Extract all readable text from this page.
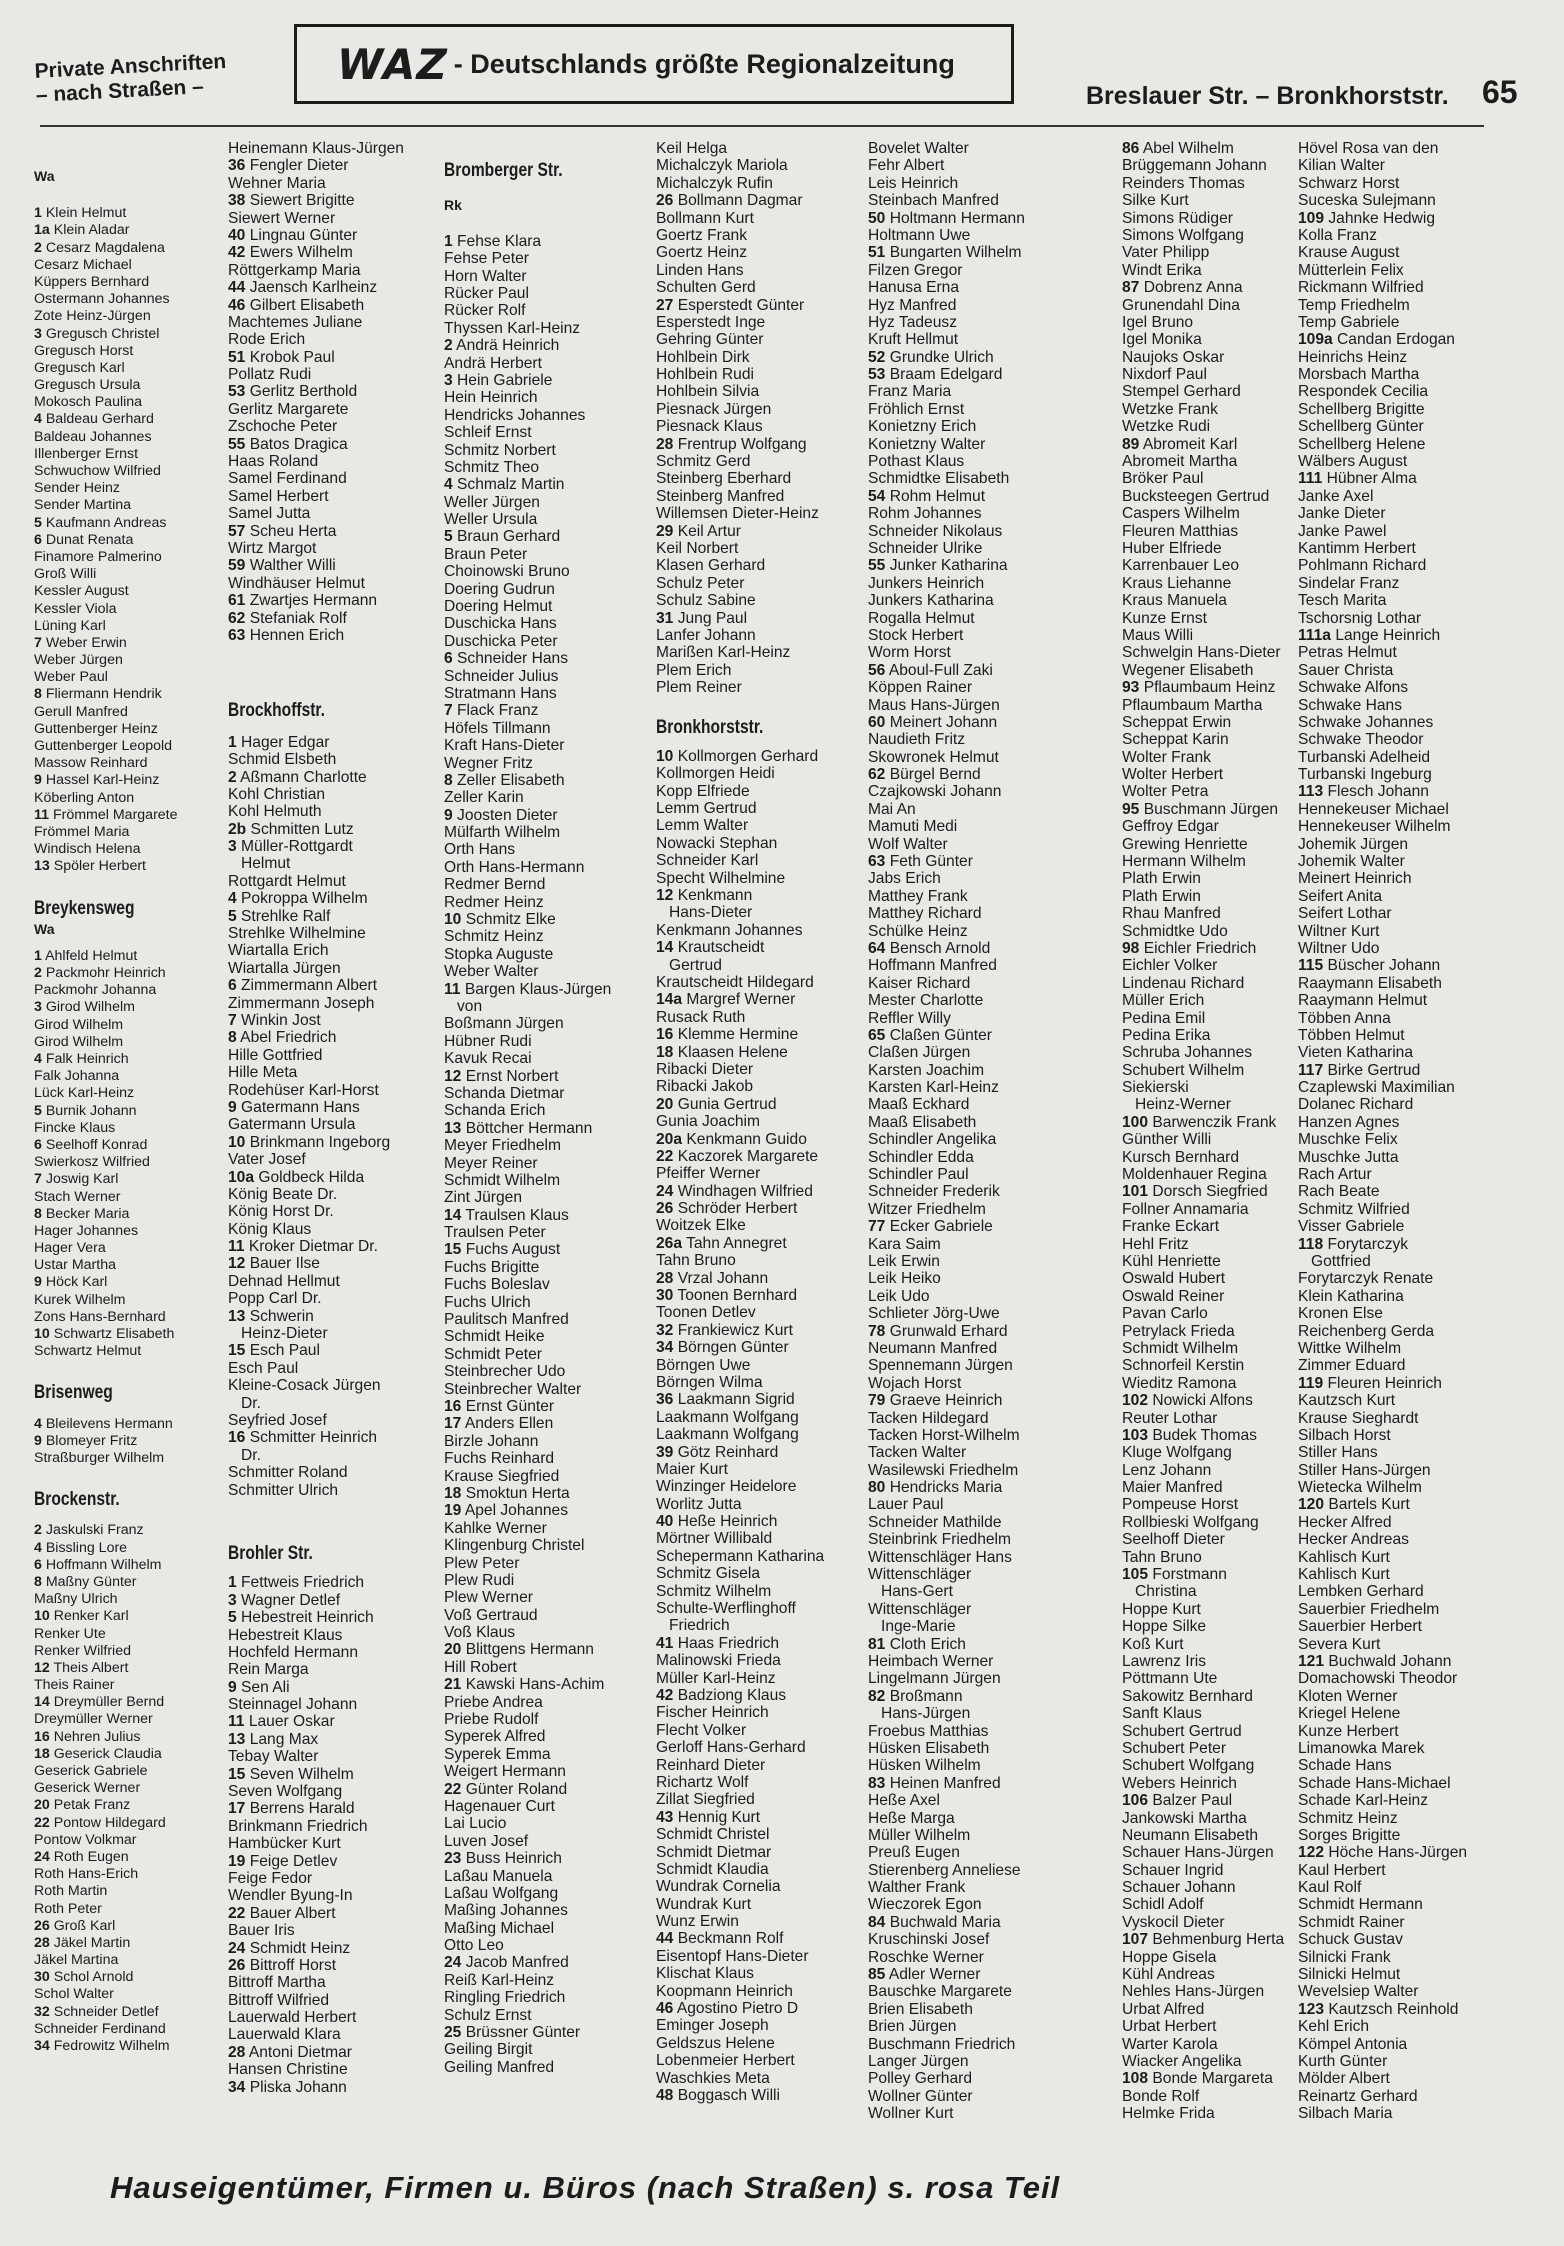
Private Anschriften
– nach Straßen –
WAZ - Deutschlands größte Regionalzeitung
Breslauer Str. – Bronkhorststr. 65
Wa
1 Klein Helmut
1a Klein Aladar
2 Cesarz Magdalena
Cesarz Michael
Küppers Bernhard
Ostermann Johannes
Zote Heinz-Jürgen
3 Gregusch Christel
Gregusch Horst
Gregusch Karl
Gregusch Ursula
Mokosch Paulina
4 Baldeau Gerhard
Baldeau Johannes
Illenberger Ernst
Schwuchow Wilfried
Sender Heinz
Sender Martina
5 Kaufmann Andreas
6 Dunat Renata
Finamore Palmerino
Groß Willi
Kessler August
Kessler Viola
Lüning Karl
7 Weber Erwin
Weber Jürgen
Weber Paul
8 Fliermann Hendrik
Gerull Manfred
Guttenberger Heinz
Guttenberger Leopold
Massow Reinhard
9 Hassel Karl-Heinz
Köberling Anton
11 Frömmel Margarete
Frömmel Maria
Windisch Helena
13 Spöler Herbert
Breykensweg
Wa
1 Ahlfeld Helmut
2 Packmohr Heinrich
Packmohr Johanna
3 Girod Wilhelm
Girod Wilhelm
Girod Wilhelm
4 Falk Heinrich
Falk Johanna
Lück Karl-Heinz
5 Burnik Johann
Fincke Klaus
6 Seelhoff Konrad
Swierkosz Wilfried
7 Joswig Karl
Stach Werner
8 Becker Maria
Hager Johannes
Hager Vera
Ustar Martha
9 Höck Karl
Kurek Wilhelm
Zons Hans-Bernhard
10 Schwartz Elisabeth
Schwartz Helmut
Brisenweg
4 Bleilevens Hermann
9 Blomeyer Fritz
Straßburger Wilhelm
Brockenstr.
2 Jaskulski Franz
4 Bissling Lore
6 Hoffmann Wilhelm
8 Maßny Günter
Maßny Ulrich
10 Renker Karl
Renker Ute
Renker Wilfried
12 Theis Albert
Theis Rainer
14 Dreymüller Bernd
Dreymüller Werner
16 Nehren Julius
18 Geserick Claudia
Geserick Gabriele
Geserick Werner
20 Petak Franz
22 Pontow Hildegard
Pontow Volkmar
24 Roth Eugen
Roth Hans-Erich
Roth Martin
Roth Peter
26 Groß Karl
28 Jäkel Martin
Jäkel Martina
30 Schol Arnold
Schol Walter
32 Schneider Detlef
Schneider Ferdinand
34 Fedrowitz Wilhelm
Heinemann Klaus-Jürgen
36 Fengler Dieter
Wehner Maria
38 Siewert Brigitte
Siewert Werner
40 Lingnau Günter
42 Ewers Wilhelm
Röttgerkamp Maria
44 Jaensch Karlheinz
46 Gilbert Elisabeth
Machtemes Juliane
Rode Erich
51 Krobok Paul
Pollatz Rudi
53 Gerlitz Berthold
Gerlitz Margarete
Zschoche Peter
55 Batos Dragica
Haas Roland
Samel Ferdinand
Samel Herbert
Samel Jutta
57 Scheu Herta
Wirtz Margot
59 Walther Willi
Windhäuser Helmut
61 Zwartjes Hermann
62 Stefaniak Rolf
63 Hennen Erich
Brockhoffstr.
1 Hager Edgar
Schmid Elsbeth
2 Aßmann Charlotte
Kohl Christian
Kohl Helmuth
2b Schmitten Lutz
3 Müller-Rottgardt
Helmut
Rottgardt Helmut
4 Pokroppa Wilhelm
5 Strehlke Ralf
Strehlke Wilhelmine
Wiartalla Erich
Wiartalla Jürgen
6 Zimmermann Albert
Zimmermann Joseph
7 Winkin Jost
8 Abel Friedrich
Hille Gottfried
Hille Meta
Rodehüser Karl-Horst
9 Gatermann Hans
Gatermann Ursula
10 Brinkmann Ingeborg
Vater Josef
10a Goldbeck Hilda
König Beate Dr.
König Horst Dr.
König Klaus
11 Kroker Dietmar Dr.
12 Bauer Ilse
Dehnad Hellmut
Popp Carl Dr.
13 Schwerin
Heinz-Dieter
15 Esch Paul
Esch Paul
Kleine-Cosack Jürgen
Dr.
Seyfried Josef
16 Schmitter Heinrich
Dr.
Schmitter Roland
Schmitter Ulrich
Brohler Str.
1 Fettweis Friedrich
3 Wagner Detlef
5 Hebestreit Heinrich
Hebestreit Klaus
Hochfeld Hermann
Rein Marga
9 Sen Ali
Steinnagel Johann
11 Lauer Oskar
13 Lang Max
Tebay Walter
15 Seven Wilhelm
Seven Wolfgang
17 Berrens Harald
Brinkmann Friedrich
Hambücker Kurt
19 Feige Detlev
Feige Fedor
Wendler Byung-In
22 Bauer Albert
Bauer Iris
24 Schmidt Heinz
26 Bittroff Horst
Bittroff Martha
Bittroff Wilfried
Lauerwald Herbert
Lauerwald Klara
28 Antoni Dietmar
Hansen Christine
34 Pliska Johann
Bromberger Str.
Rk
1 Fehse Klara
Fehse Peter
Horn Walter
Rücker Paul
Rücker Rolf
Thyssen Karl-Heinz
2 Andrä Heinrich
Andrä Herbert
3 Hein Gabriele
Hein Heinrich
Hendricks Johannes
Schleif Ernst
Schmitz Norbert
Schmitz Theo
4 Schmalz Martin
Weller Jürgen
Weller Ursula
5 Braun Gerhard
Braun Peter
Choinowski Bruno
Doering Gudrun
Doering Helmut
Duschicka Hans
Duschicka Peter
6 Schneider Hans
Schneider Julius
Stratmann Hans
7 Flack Franz
Höfels Tillmann
Kraft Hans-Dieter
Wegner Fritz
8 Zeller Elisabeth
Zeller Karin
9 Joosten Dieter
Mülfarth Wilhelm
Orth Hans
Orth Hans-Hermann
Redmer Bernd
Redmer Heinz
10 Schmitz Elke
Schmitz Heinz
Stopka Auguste
Weber Walter
11 Bargen Klaus-Jürgen
von
Boßmann Jürgen
Hübner Rudi
Kavuk Recai
12 Ernst Norbert
Schanda Dietmar
Schanda Erich
13 Böttcher Hermann
Meyer Friedhelm
Meyer Reiner
Schmidt Wilhelm
Zint Jürgen
14 Traulsen Klaus
Traulsen Peter
15 Fuchs August
Fuchs Brigitte
Fuchs Boleslav
Fuchs Ulrich
Paulitsch Manfred
Schmidt Heike
Schmidt Peter
Steinbrecher Udo
Steinbrecher Walter
16 Ernst Günter
17 Anders Ellen
Birzle Johann
Fuchs Reinhard
Krause Siegfried
18 Smoktun Herta
19 Apel Johannes
Kahlke Werner
Klingenburg Christel
Plew Peter
Plew Rudi
Plew Werner
Voß Gertraud
Voß Klaus
20 Blittgens Hermann
Hill Robert
21 Kawski Hans-Achim
Priebe Andrea
Priebe Rudolf
Syperek Alfred
Syperek Emma
Weigert Hermann
22 Günter Roland
Hagenauer Curt
Lai Lucio
Luven Josef
23 Buss Heinrich
Laßau Manuela
Laßau Wolfgang
Maßing Johannes
Maßing Michael
Otto Leo
24 Jacob Manfred
Reiß Karl-Heinz
Ringling Friedrich
Schulz Ernst
25 Brüssner Günter
Geiling Birgit
Geiling Manfred
Keil Helga
Michalczyk Mariola
Michalczyk Rufin
26 Bollmann Dagmar
Bollmann Kurt
Goertz Frank
Goertz Heinz
Linden Hans
Schulten Gerd
27 Esperstedt Günter
Esperstedt Inge
Gehring Günter
Hohlbein Dirk
Hohlbein Rudi
Hohlbein Silvia
Piesnack Jürgen
Piesnack Klaus
28 Frentrup Wolfgang
Schmitz Gerd
Steinberg Eberhard
Steinberg Manfred
Willemsen Dieter-Heinz
29 Keil Artur
Keil Norbert
Klasen Gerhard
Schulz Peter
Schulz Sabine
31 Jung Paul
Lanfer Johann
Marißen Karl-Heinz
Plem Erich
Plem Reiner
Bronkhorststr.
10 Kollmorgen Gerhard
Kollmorgen Heidi
Kopp Elfriede
Lemm Gertrud
Lemm Walter
Nowacki Stephan
Schneider Karl
Specht Wilhelmine
12 Kenkmann
Hans-Dieter
Kenkmann Johannes
14 Krautscheidt
Gertrud
Krautscheidt Hildegard
14a Margref Werner
Rusack Ruth
16 Klemme Hermine
18 Klaasen Helene
Ribacki Dieter
Ribacki Jakob
20 Gunia Gertrud
Gunia Joachim
20a Kenkmann Guido
22 Kaczorek Margarete
Pfeiffer Werner
24 Windhagen Wilfried
26 Schröder Herbert
Woitzek Elke
26a Tahn Annegret
Tahn Bruno
28 Vrzal Johann
30 Toonen Bernhard
Toonen Detlev
32 Frankiewicz Kurt
34 Börngen Günter
Börngen Uwe
Börngen Wilma
36 Laakmann Sigrid
Laakmann Wolfgang
Laakmann Wolfgang
39 Götz Reinhard
Maier Kurt
Winzinger Heidelore
Worlitz Jutta
40 Heße Heinrich
Mörtner Willibald
Schepermann Katharina
Schmitz Gisela
Schmitz Wilhelm
Schulte-Werflinghoff
Friedrich
41 Haas Friedrich
Malinowski Frieda
Müller Karl-Heinz
42 Badziong Klaus
Fischer Heinrich
Flecht Volker
Gerloff Hans-Gerhard
Reinhard Dieter
Richartz Wolf
Zillat Siegfried
43 Hennig Kurt
Schmidt Christel
Schmidt Dietmar
Schmidt Klaudia
Wundrak Cornelia
Wundrak Kurt
Wunz Erwin
44 Beckmann Rolf
Eisentopf Hans-Dieter
Klischat Klaus
Koopmann Heinrich
46 Agostino Pietro D
Eminger Joseph
Geldszus Helene
Lobenmeier Herbert
Waschkies Meta
48 Boggasch Willi
Bovelet Walter
Fehr Albert
Leis Heinrich
Steinbach Manfred
50 Holtmann Hermann
Holtmann Uwe
51 Bungarten Wilhelm
Filzen Gregor
Hanusa Erna
Hyz Manfred
Hyz Tadeusz
Kruft Hellmut
52 Grundke Ulrich
53 Braam Edelgard
Franz Maria
Fröhlich Ernst
Konietzny Erich
Konietzny Walter
Pothast Klaus
Schmidtke Elisabeth
54 Rohm Helmut
Rohm Johannes
Schneider Nikolaus
Schneider Ulrike
55 Junker Katharina
Junkers Heinrich
Junkers Katharina
Rogalla Helmut
Stock Herbert
Worm Horst
56 Aboul-Full Zaki
Köppen Rainer
Maus Hans-Jürgen
60 Meinert Johann
Naudieth Fritz
Skowronek Helmut
62 Bürgel Bernd
Czajkowski Johann
Mai An
Mamuti Medi
Wolf Walter
63 Feth Günter
Jabs Erich
Matthey Frank
Matthey Richard
Schülke Heinz
64 Bensch Arnold
Hoffmann Manfred
Kaiser Richard
Mester Charlotte
Reffler Willy
65 Claßen Günter
Claßen Jürgen
Karsten Joachim
Karsten Karl-Heinz
Maaß Eckhard
Maaß Elisabeth
Schindler Angelika
Schindler Edda
Schindler Paul
Schneider Frederik
Witzer Friedhelm
77 Ecker Gabriele
Kara Saim
Leik Erwin
Leik Heiko
Leik Udo
Schlieter Jörg-Uwe
78 Grunwald Erhard
Neumann Manfred
Spennemann Jürgen
Wojach Horst
79 Graeve Heinrich
Tacken Hildegard
Tacken Horst-Wilhelm
Tacken Walter
Wasilewski Friedhelm
80 Hendricks Maria
Lauer Paul
Schneider Mathilde
Steinbrink Friedhelm
Wittenschläger Hans
Wittenschläger
Hans-Gert
Wittenschläger
Inge-Marie
81 Cloth Erich
Heimbach Werner
Lingelmann Jürgen
82 Broßmann
Hans-Jürgen
Froebus Matthias
Hüsken Elisabeth
Hüsken Wilhelm
83 Heinen Manfred
Heße Axel
Heße Marga
Müller Wilhelm
Preuß Eugen
Stierenberg Anneliese
Walther Frank
Wieczorek Egon
84 Buchwald Maria
Kruschinski Josef
Roschke Werner
85 Adler Werner
Bauschke Margarete
Brien Elisabeth
Brien Jürgen
Buschmann Friedrich
Langer Jürgen
Polley Gerhard
Wollner Günter
Wollner Kurt
86 Abel Wilhelm
Brüggemann Johann
Reinders Thomas
Silke Kurt
Simons Rüdiger
Simons Wolfgang
Vater Philipp
Windt Erika
87 Dobrenz Anna
Grunendahl Dina
Igel Bruno
Igel Monika
Naujoks Oskar
Nixdorf Paul
Stempel Gerhard
Wetzke Frank
Wetzke Rudi
89 Abromeit Karl
Abromeit Martha
Bröker Paul
Bucksteegen Gertrud
Caspers Wilhelm
Fleuren Matthias
Huber Elfriede
Karrenbauer Leo
Kraus Liehanne
Kraus Manuela
Kunze Ernst
Maus Willi
Schwelgin Hans-Dieter
Wegener Elisabeth
93 Pflaumbaum Heinz
Pflaumbaum Martha
Scheppat Erwin
Scheppat Karin
Wolter Frank
Wolter Herbert
Wolter Petra
95 Buschmann Jürgen
Geffroy Edgar
Grewing Henriette
Hermann Wilhelm
Plath Erwin
Plath Erwin
Rhau Manfred
Schmidtke Udo
98 Eichler Friedrich
Eichler Volker
Lindenau Richard
Müller Erich
Pedina Emil
Pedina Erika
Schruba Johannes
Schubert Wilhelm
Siekierski
Heinz-Werner
100 Barwenczik Frank
Günther Willi
Kursch Bernhard
Moldenhauer Regina
101 Dorsch Siegfried
Follner Annamaria
Franke Eckart
Hehl Fritz
Kühl Henriette
Oswald Hubert
Oswald Reiner
Pavan Carlo
Petrylack Frieda
Schmidt Wilhelm
Schnorfeil Kerstin
Wieditz Ramona
102 Nowicki Alfons
Reuter Lothar
103 Budek Thomas
Kluge Wolfgang
Lenz Johann
Maier Manfred
Pompeuse Horst
Rollbieski Wolfgang
Seelhoff Dieter
Tahn Bruno
105 Forstmann
Christina
Hoppe Kurt
Hoppe Silke
Koß Kurt
Lawrenz Iris
Pöttmann Ute
Sakowitz Bernhard
Sanft Klaus
Schubert Gertrud
Schubert Peter
Schubert Wolfgang
Webers Heinrich
106 Balzer Paul
Jankowski Martha
Neumann Elisabeth
Schauer Hans-Jürgen
Schauer Ingrid
Schauer Johann
Schidl Adolf
Vyskocil Dieter
107 Behmenburg Herta
Hoppe Gisela
Kühl Andreas
Nehles Hans-Jürgen
Urbat Alfred
Urbat Herbert
Warter Karola
Wiacker Angelika
108 Bonde Margareta
Bonde Rolf
Helmke Frida
Hövel Rosa van den
Kilian Walter
Schwarz Horst
Suceska Sulejmann
109 Jahnke Hedwig
Kolla Franz
Krause August
Mütterlein Felix
Rickmann Wilfried
Temp Friedhelm
Temp Gabriele
109a Candan Erdogan
Heinrichs Heinz
Morsbach Martha
Respondek Cecilia
Schellberg Brigitte
Schellberg Günter
Schellberg Helene
Wälbers August
111 Hübner Alma
Janke Axel
Janke Dieter
Janke Pawel
Kantimm Herbert
Pohlmann Richard
Sindelar Franz
Tesch Marita
Tschorsnig Lothar
111a Lange Heinrich
Petras Helmut
Sauer Christa
Schwake Alfons
Schwake Hans
Schwake Johannes
Schwake Theodor
Turbanski Adelheid
Turbanski Ingeburg
113 Flesch Johann
Hennekeuser Michael
Hennekeuser Wilhelm
Johemik Jürgen
Johemik Walter
Meinert Heinrich
Seifert Anita
Seifert Lothar
Wiltner Kurt
Wiltner Udo
115 Büscher Johann
Raaymann Elisabeth
Raaymann Helmut
Többen Anna
Többen Helmut
Vieten Katharina
117 Birke Gertrud
Czaplewski Maximilian
Dolanec Richard
Hanzen Agnes
Muschke Felix
Muschke Jutta
Rach Artur
Rach Beate
Schmitz Wilfried
Visser Gabriele
118 Forytarczyk
Gottfried
Forytarczyk Renate
Klein Katharina
Kronen Else
Reichenberg Gerda
Wittke Wilhelm
Zimmer Eduard
119 Fleuren Heinrich
Kautzsch Kurt
Krause Sieghardt
Silbach Horst
Stiller Hans
Stiller Hans-Jürgen
Wietecka Wilhelm
120 Bartels Kurt
Hecker Alfred
Hecker Andreas
Kahlisch Kurt
Kahlisch Kurt
Lembken Gerhard
Sauerbier Friedhelm
Sauerbier Herbert
Severa Kurt
121 Buchwald Johann
Domachowski Theodor
Kloten Werner
Kriegel Helene
Kunze Herbert
Limanowka Marek
Schade Hans
Schade Hans-Michael
Schade Karl-Heinz
Schmitz Heinz
Sorges Brigitte
122 Höche Hans-Jürgen
Kaul Herbert
Kaul Rolf
Schmidt Hermann
Schmidt Rainer
Schuck Gustav
Silnicki Frank
Silnicki Helmut
Wevelsiep Walter
123 Kautzsch Reinhold
Kehl Erich
Kömpel Antonia
Kurth Günter
Mölder Albert
Reinartz Gerhard
Silbach Maria
Hauseigentümer, Firmen u. Büros (nach Straßen) s. rosa Teil
